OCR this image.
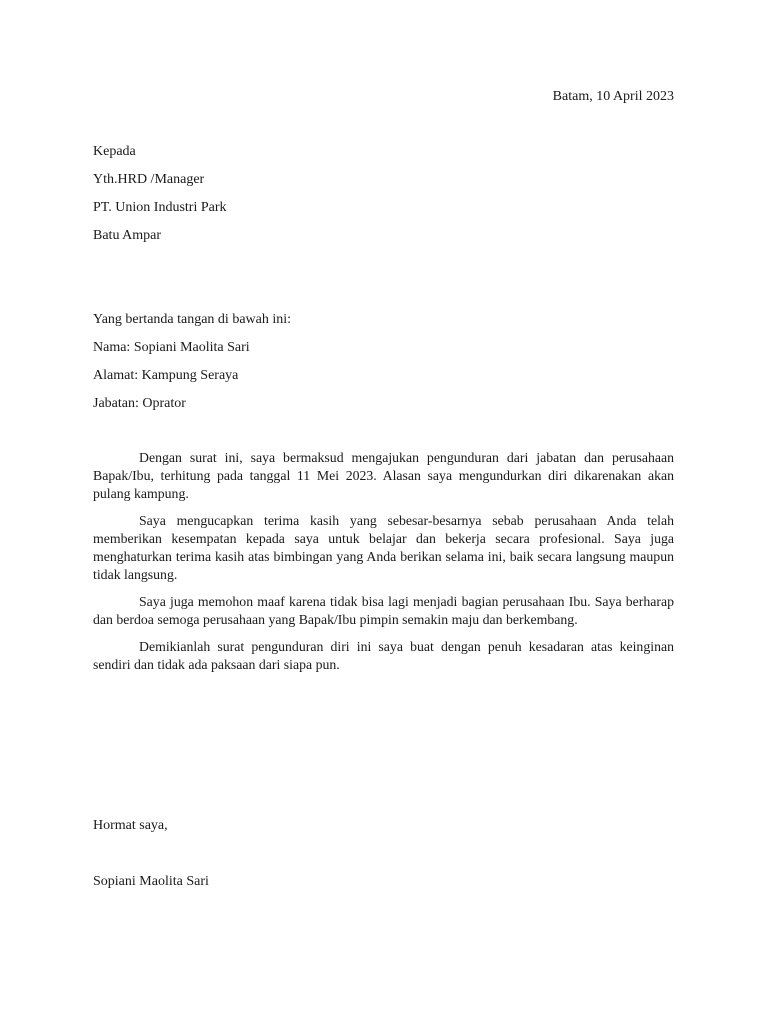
Batam, 10 April 2023
Kepada
Yth.HRD /Manager
PT. Union Industri Park
Batu Ampar
Yang bertanda tangan di bawah ini:
Nama: Sopiani Maolita Sari
Alamat: Kampung Seraya
Jabatan: Oprator

Dengan surat ini, saya bermaksud mengajukan pengunduran dari jabatan dan perusahaan Bapak/Ibu, terhitung pada tanggal 11 Mei 2023. Alasan saya mengundurkan diri dikarenakan akan pulang kampung.

Saya mengucapkan terima kasih yang sebesar-besarnya sebab perusahaan Anda telah memberikan kesempatan kepada saya untuk belajar dan bekerja secara profesional. Saya juga menghaturkan terima kasih atas bimbingan yang Anda berikan selama ini, baik secara langsung maupun tidak langsung.

Saya juga memohon maaf karena tidak bisa lagi menjadi bagian perusahaan Ibu. Saya berharap dan berdoa semoga perusahaan yang Bapak/Ibu pimpin semakin maju dan berkembang.

Demikianlah surat pengunduran diri ini saya buat dengan penuh kesadaran atas keinginan sendiri dan tidak ada paksaan dari siapa pun.

Hormat saya,
Sopiani Maolita Sari
